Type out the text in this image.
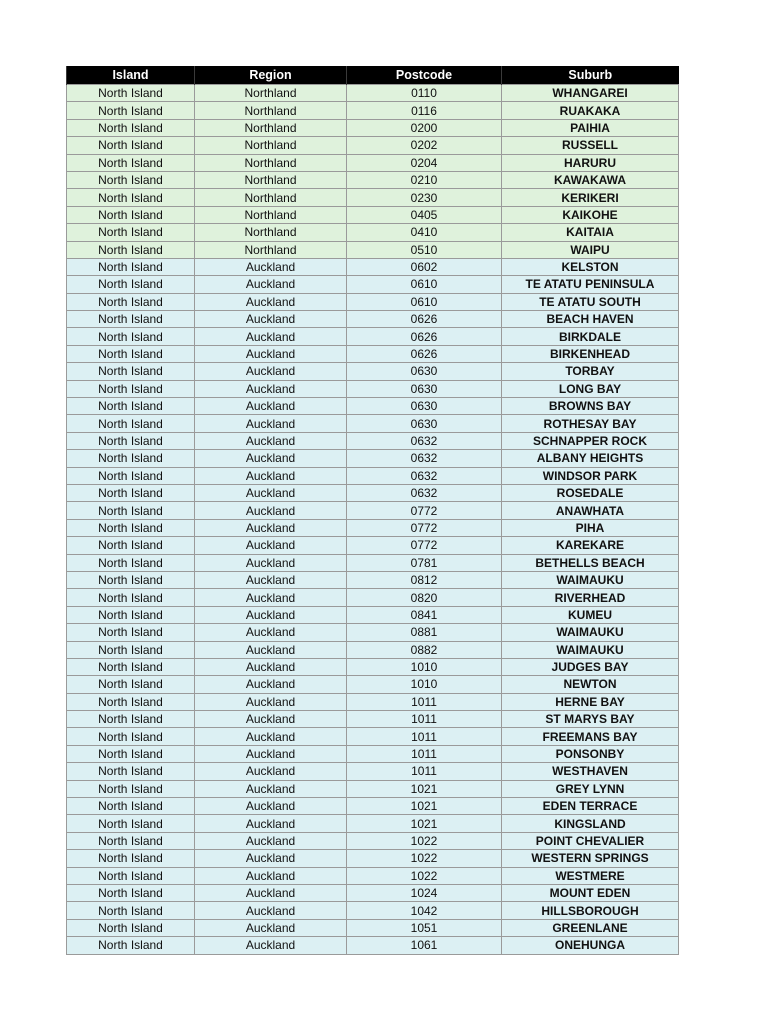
Island	Region	Postcode	Suburb
North Island	Northland	0110	WHANGAREI
North Island	Northland	0116	RUAKAKA
North Island	Northland	0200	PAIHIA
North Island	Northland	0202	RUSSELL
North Island	Northland	0204	HARURU
North Island	Northland	0210	KAWAKAWA
North Island	Northland	0230	KERIKERI
North Island	Northland	0405	KAIKOHE
North Island	Northland	0410	KAITAIA
North Island	Northland	0510	WAIPU
North Island	Auckland	0602	KELSTON
North Island	Auckland	0610	TE ATATU PENINSULA
North Island	Auckland	0610	TE ATATU SOUTH
North Island	Auckland	0626	BEACH HAVEN
North Island	Auckland	0626	BIRKDALE
North Island	Auckland	0626	BIRKENHEAD
North Island	Auckland	0630	TORBAY
North Island	Auckland	0630	LONG BAY
North Island	Auckland	0630	BROWNS BAY
North Island	Auckland	0630	ROTHESAY BAY
North Island	Auckland	0632	SCHNAPPER ROCK
North Island	Auckland	0632	ALBANY HEIGHTS
North Island	Auckland	0632	WINDSOR PARK
North Island	Auckland	0632	ROSEDALE
North Island	Auckland	0772	ANAWHATA
North Island	Auckland	0772	PIHA
North Island	Auckland	0772	KAREKARE
North Island	Auckland	0781	BETHELLS BEACH
North Island	Auckland	0812	WAIMAUKU
North Island	Auckland	0820	RIVERHEAD
North Island	Auckland	0841	KUMEU
North Island	Auckland	0881	WAIMAUKU
North Island	Auckland	0882	WAIMAUKU
North Island	Auckland	1010	JUDGES BAY
North Island	Auckland	1010	NEWTON
North Island	Auckland	1011	HERNE BAY
North Island	Auckland	1011	ST MARYS BAY
North Island	Auckland	1011	FREEMANS BAY
North Island	Auckland	1011	PONSONBY
North Island	Auckland	1011	WESTHAVEN
North Island	Auckland	1021	GREY LYNN
North Island	Auckland	1021	EDEN TERRACE
North Island	Auckland	1021	KINGSLAND
North Island	Auckland	1022	POINT CHEVALIER
North Island	Auckland	1022	WESTERN SPRINGS
North Island	Auckland	1022	WESTMERE
North Island	Auckland	1024	MOUNT EDEN
North Island	Auckland	1042	HILLSBOROUGH
North Island	Auckland	1051	GREENLANE
North Island	Auckland	1061	ONEHUNGA
